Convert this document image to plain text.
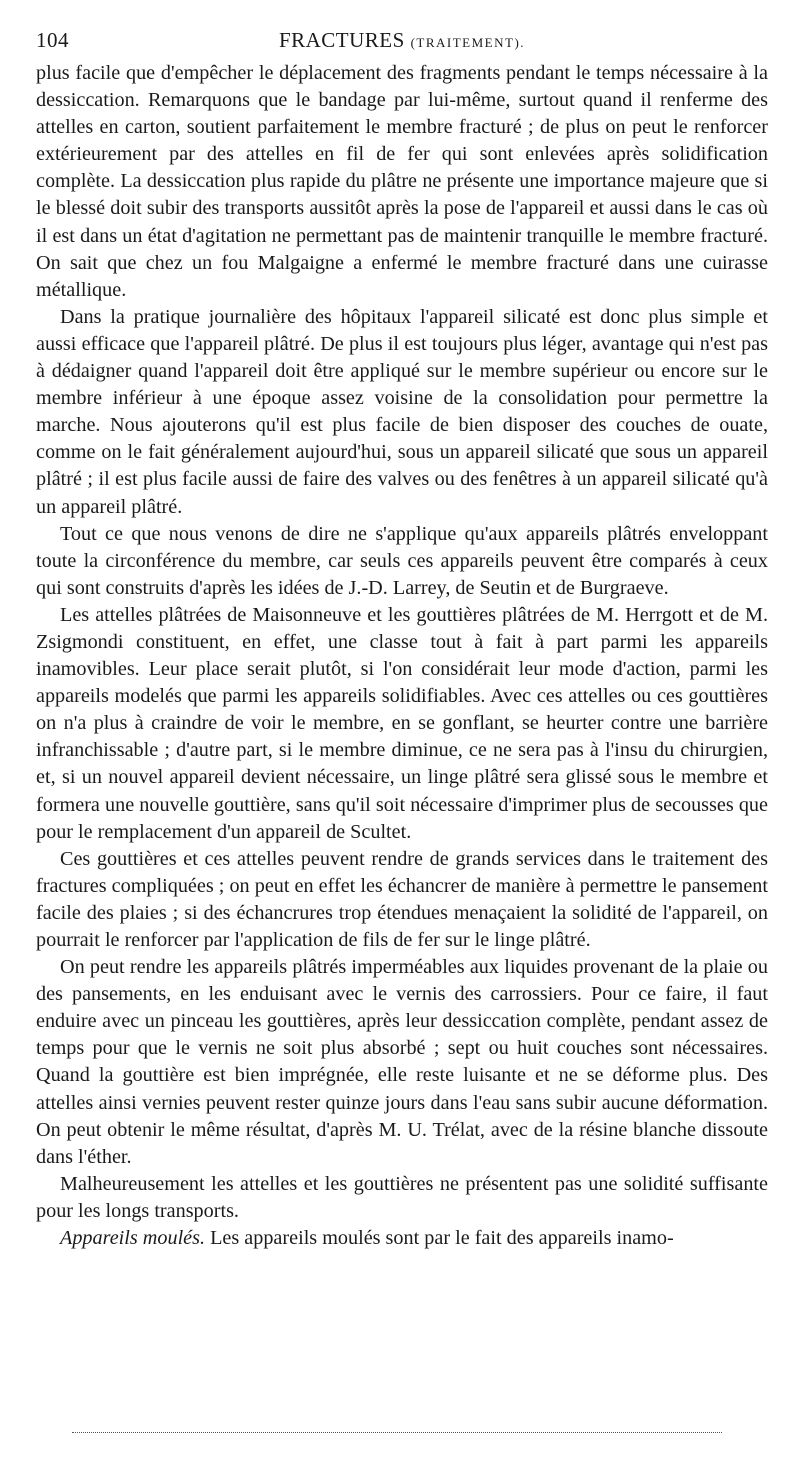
104	FRACTURES (TRAITEMENT).

plus facile que d'empêcher le déplacement des fragments pendant le temps nécessaire à la dessiccation. Remarquons que le bandage par lui-même, surtout quand il renferme des attelles en carton, soutient parfaitement le membre fracturé ; de plus on peut le renforcer extérieurement par des attelles en fil de fer qui sont enlevées après solidification complète. La dessiccation plus rapide du plâtre ne présente une importance majeure que si le blessé doit subir des transports aussitôt après la pose de l'appareil et aussi dans le cas où il est dans un état d'agitation ne permettant pas de maintenir tranquille le membre fracturé. On sait que chez un fou Malgaigne a enfermé le membre fracturé dans une cuirasse métallique.

Dans la pratique journalière des hôpitaux l'appareil silicaté est donc plus simple et aussi efficace que l'appareil plâtré. De plus il est toujours plus léger, avantage qui n'est pas à dédaigner quand l'appareil doit être appliqué sur le membre supérieur ou encore sur le membre inférieur à une époque assez voisine de la consolidation pour permettre la marche. Nous ajouterons qu'il est plus facile de bien disposer des couches de ouate, comme on le fait généralement aujourd'hui, sous un appareil silicaté que sous un appareil plâtré ; il est plus facile aussi de faire des valves ou des fenêtres à un appareil silicaté qu'à un appareil plâtré.

Tout ce que nous venons de dire ne s'applique qu'aux appareils plâtrés enveloppant toute la circonférence du membre, car seuls ces appareils peuvent être comparés à ceux qui sont construits d'après les idées de J.-D. Larrey, de Seutin et de Burgraeve.

Les attelles plâtrées de Maisonneuve et les gouttières plâtrées de M. Herrgott et de M. Zsigmondi constituent, en effet, une classe tout à fait à part parmi les appareils inamovibles. Leur place serait plutôt, si l'on considérait leur mode d'action, parmi les appareils modelés que parmi les appareils solidifiables. Avec ces attelles ou ces gouttières on n'a plus à craindre de voir le membre, en se gonflant, se heurter contre une barrière infranchissable ; d'autre part, si le membre diminue, ce ne sera pas à l'insu du chirurgien, et, si un nouvel appareil devient nécessaire, un linge plâtré sera glissé sous le membre et formera une nouvelle gouttière, sans qu'il soit nécessaire d'imprimer plus de secousses que pour le remplacement d'un appareil de Scultet.

Ces gouttières et ces attelles peuvent rendre de grands services dans le traitement des fractures compliquées ; on peut en effet les échancrer de manière à permettre le pansement facile des plaies ; si des échancrures trop étendues menaçaient la solidité de l'appareil, on pourrait le renforcer par l'application de fils de fer sur le linge plâtré.

On peut rendre les appareils plâtrés imperméables aux liquides provenant de la plaie ou des pansements, en les enduisant avec le vernis des carrossiers. Pour ce faire, il faut enduire avec un pinceau les gouttières, après leur dessiccation complète, pendant assez de temps pour que le vernis ne soit plus absorbé ; sept ou huit couches sont nécessaires. Quand la gouttière est bien imprégnée, elle reste luisante et ne se déforme plus. Des attelles ainsi vernies peuvent rester quinze jours dans l'eau sans subir aucune déformation. On peut obtenir le même résultat, d'après M. U. Trélat, avec de la résine blanche dissoute dans l'éther.

Malheureusement les attelles et les gouttières ne présentent pas une solidité suffisante pour les longs transports.

Appareils moulés. Les appareils moulés sont par le fait des appareils inamo-
